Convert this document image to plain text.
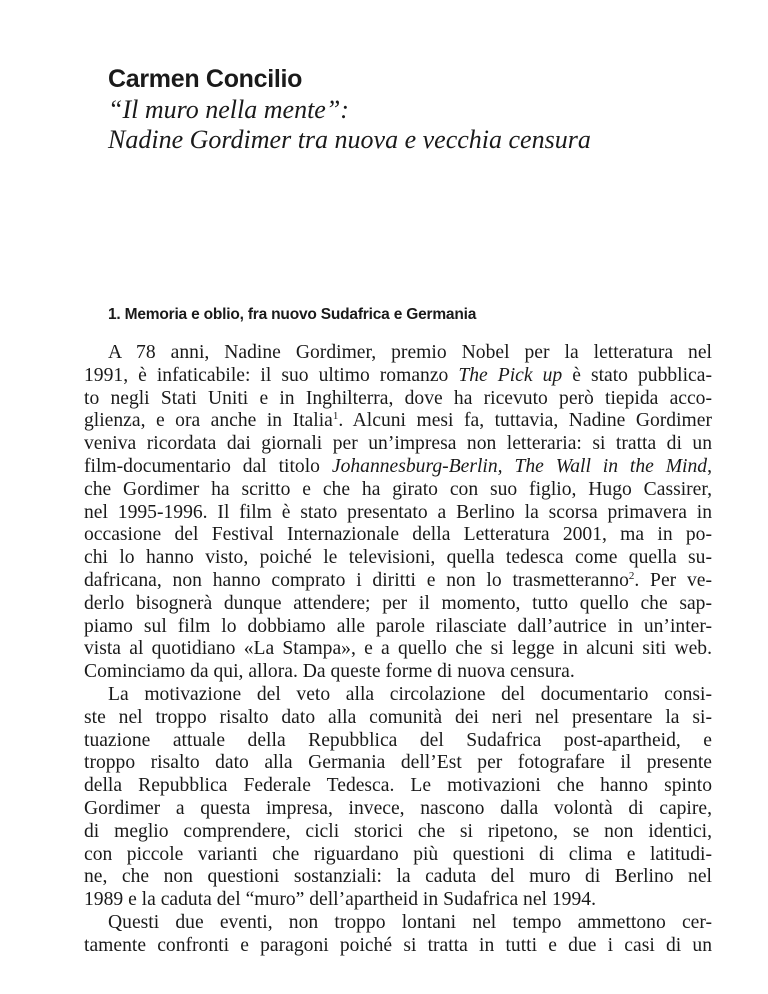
Carmen Concilio

“Il muro nella mente”:

Nadine Gordimer tra nuova e vecchia censura

1. Memoria e oblio, fra nuovo Sudafrica e Germania
A 78 anni, Nadine Gordimer, premio Nobel per la letteratura nel
1991, è infaticabile: il suo ultimo romanzo The Pick up è stato pubblica-
to negli Stati Uniti e in Inghilterra, dove ha ricevuto però tiepida acco-
glienza, e ora anche in Italia$^1$. Alcuni mesi fa, tuttavia, Nadine Gordimer
veniva ricordata dai giornali per un’impresa non letteraria: si tratta di un
film-documentario dal titolo Johannesburg-Berlin, The Wall in the Mind,
che Gordimer ha scritto e che ha girato con suo figlio, Hugo Cassirer,
nel 1995-1996. Il film è stato presentato a Berlino la scorsa primavera in
occasione del Festival Internazionale della Letteratura 2001, ma in po-
chi lo hanno visto, poiché le televisioni, quella tedesca come quella su-
dafricana, non hanno comprato i diritti e non lo trasmetteranno$^2$. Per ve-
derlo bisognerà dunque attendere; per il momento, tutto quello che sap-
piamo sul film lo dobbiamo alle parole rilasciate dall’autrice in un’inter-
vista al quotidiano «La Stampa», e a quello che si legge in alcuni siti web.
Cominciamo da qui, allora. Da queste forme di nuova censura.
La motivazione del veto alla circolazione del documentario consi-
ste nel troppo risalto dato alla comunità dei neri nel presentare la si-
tuazione attuale della Repubblica del Sudafrica post-apartheid, e
troppo risalto dato alla Germania dell’Est per fotografare il presente
della Repubblica Federale Tedesca. Le motivazioni che hanno spinto
Gordimer a questa impresa, invece, nascono dalla volontà di capire,
di meglio comprendere, cicli storici che si ripetono, se non identici,
con piccole varianti che riguardano più questioni di clima e latitudi-
ne, che non questioni sostanziali: la caduta del muro di Berlino nel
1989 e la caduta del “muro” dell’apartheid in Sudafrica nel 1994.
Questi due eventi, non troppo lontani nel tempo ammettono cer-
tamente confronti e paragoni poiché si tratta in tutti e due i casi di un
